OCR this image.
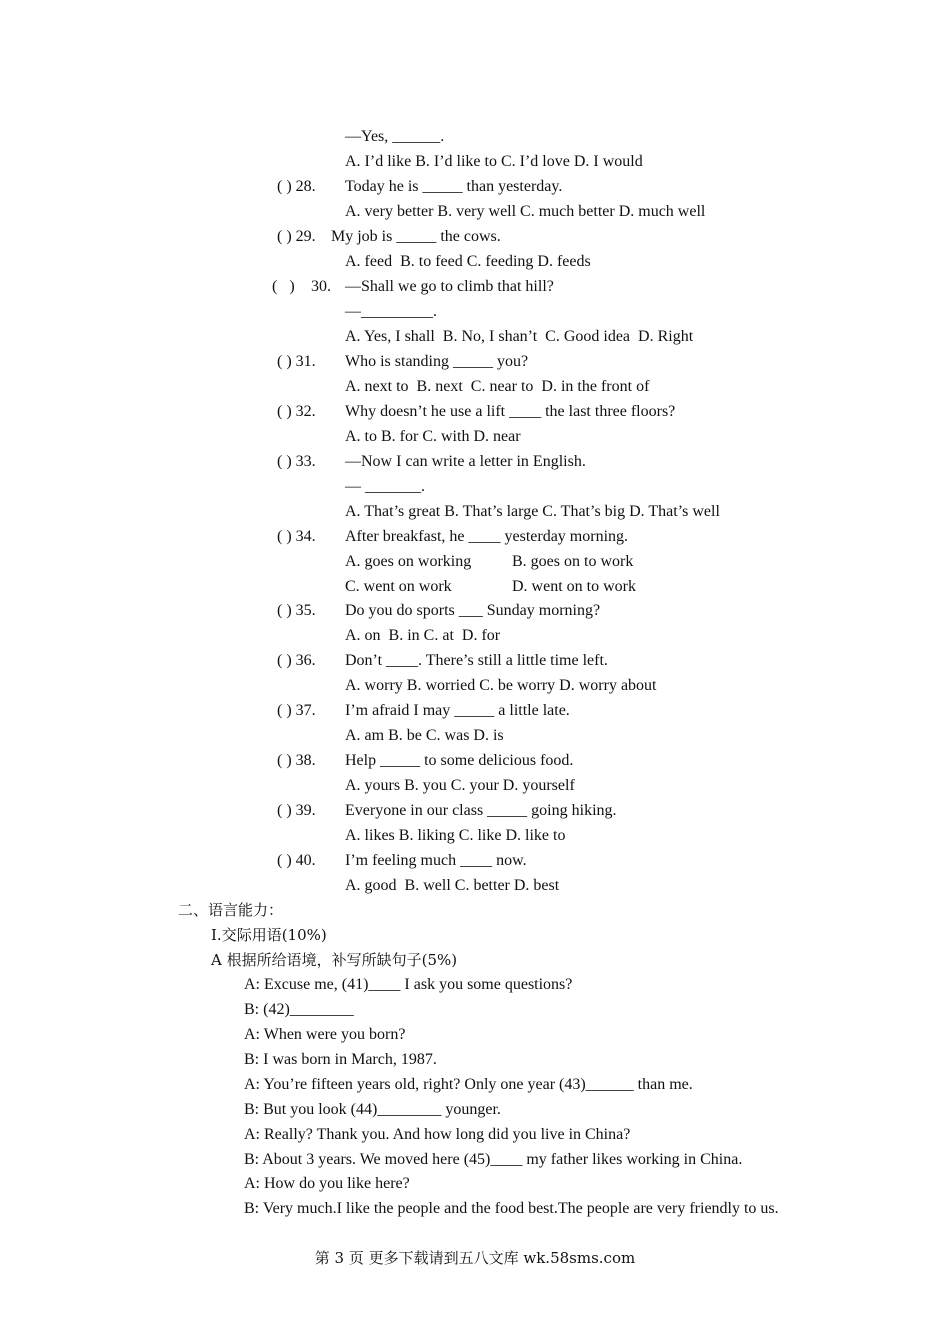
—Yes, ______.
A. I’d like B. I’d like to C. I’d love D. I would
( ) 28. Today he is _____ than yesterday.
A. very better B. very well C. much better D. much well
( ) 29. My job is _____ the cows.
A. feed  B. to feed C. feeding D. feeds
(   ) 30. —Shall we go to climb that hill?
—_________.
A. Yes, I shall  B. No, I shan’t  C. Good idea  D. Right
( ) 31. Who is standing _____ you?
A. next to  B. next  C. near to  D. in the front of
( ) 32. Why doesn’t he use a lift ____ the last three floors?
A. to B. for C. with D. near
( ) 33. —Now I can write a letter in English.
— _______.
A. That’s great B. That’s large C. That’s big D. That’s well
( ) 34. After breakfast, he ____ yesterday morning.
A. goes on working	B. goes on to work
C. went on work	D. went on to work
( ) 35. Do you do sports ___ Sunday morning?
A. on  B. in C. at  D. for
( ) 36. Don’t ____. There’s still a little time left.
A. worry B. worried C. be worry D. worry about
( ) 37. I’m afraid I may _____ a little late.
A. am B. be C. was D. is
( ) 38. Help _____ to some delicious food.
A. yours B. you C. your D. yourself
( ) 39. Everyone in our class _____ going hiking.
A. likes B. liking C. like D. like to
( ) 40. I’m feeling much ____ now.
A. good  B. well C. better D. best
二、语言能力：
I.交际用语(10%)
A 根据所给语境，补写所缺句子(5%)
A: Excuse me, (41)____ I ask you some questions?
B: (42)________
A: When were you born?
B: I was born in March, 1987.
A: You’re fifteen years old, right? Only one year (43)______ than me.
B: But you look (44)________ younger.
A: Really? Thank you. And how long did you live in China?
B: About 3 years. We moved here (45)____ my father likes working in China.
A: How do you like here?
B: Very much.I like the people and the food best.The people are very friendly to us.
第 3 页 更多下载请到五八文库 wk.58sms.com
